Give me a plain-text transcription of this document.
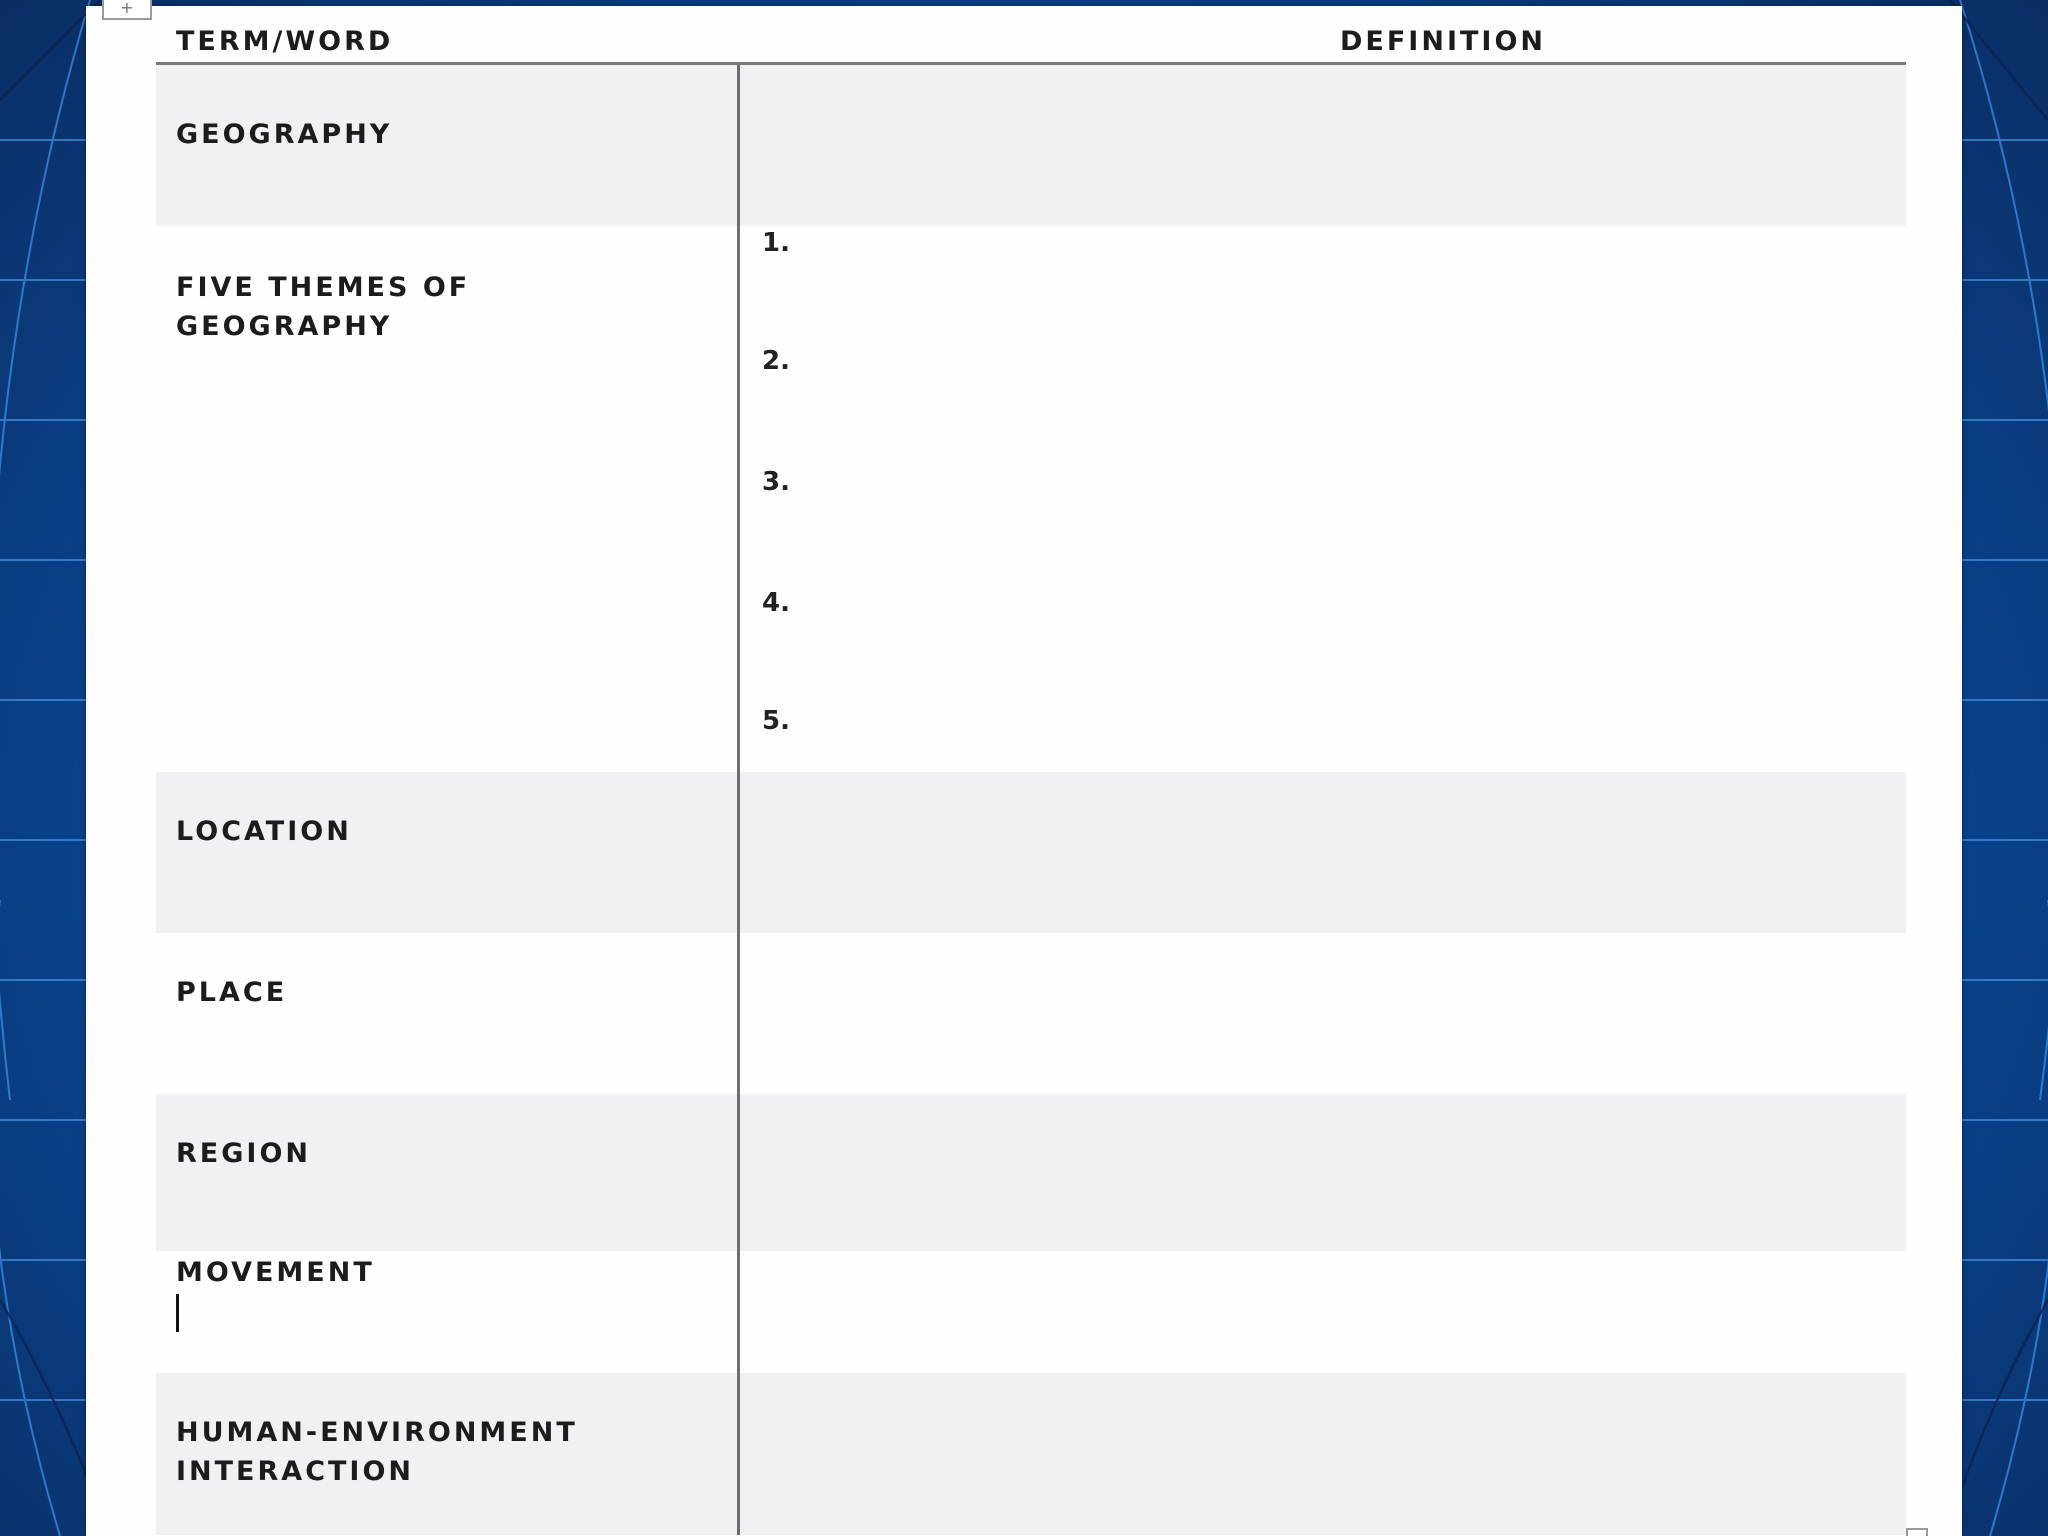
+
TERM/WORD	DEFINITION
GEOGRAPHY
FIVE THEMES OF
GEOGRAPHY
1.
2.
3.
4.
5.
LOCATION
PLACE
REGION
MOVEMENT
HUMAN-ENVIRONMENT
INTERACTION
